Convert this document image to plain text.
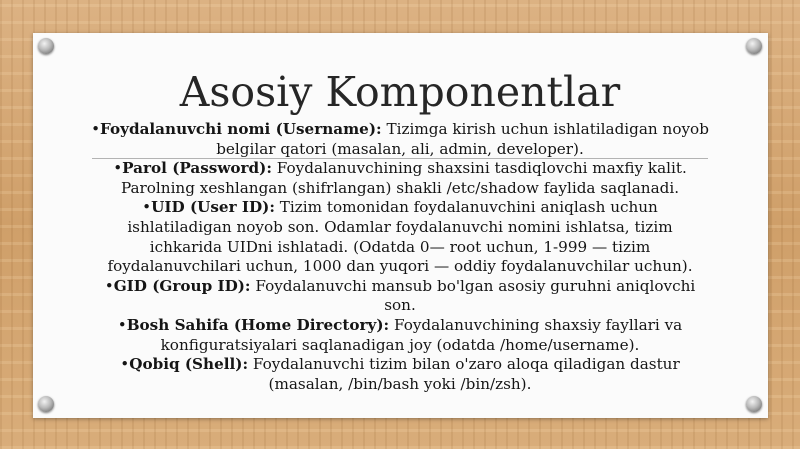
Asosiy Komponentlar

•Foydalanuvchi nomi (Username): Tizimga kirish uchun ishlatiladigan noyob belgilar qatori (masalan, ali, admin, developer).

•Parol (Password): Foydalanuvchining shaxsini tasdiqlovchi maxfiy kalit. Parolning xeshlangan (shifrlangan) shakli /etc/shadow faylida saqlanadi.

•UID (User ID): Tizim tomonidan foydalanuvchini aniqlash uchun ishlatiladigan noyob son. Odamlar foydalanuvchi nomini ishlatsa, tizim ichkarida UIDni ishlatadi. (Odatda 0— root uchun, 1-999 — tizim foydalanuvchilari uchun, 1000 dan yuqori — oddiy foydalanuvchilar uchun).

•GID (Group ID): Foydalanuvchi mansub bo'lgan asosiy guruhni aniqlovchi son.

•Bosh Sahifa (Home Directory): Foydalanuvchining shaxsiy fayllari va konfiguratsiyalari saqlanadigan joy (odatda /home/username).

•Qobiq (Shell): Foydalanuvchi tizim bilan o'zaro aloqa qiladigan dastur (masalan, /bin/bash yoki /bin/zsh).
